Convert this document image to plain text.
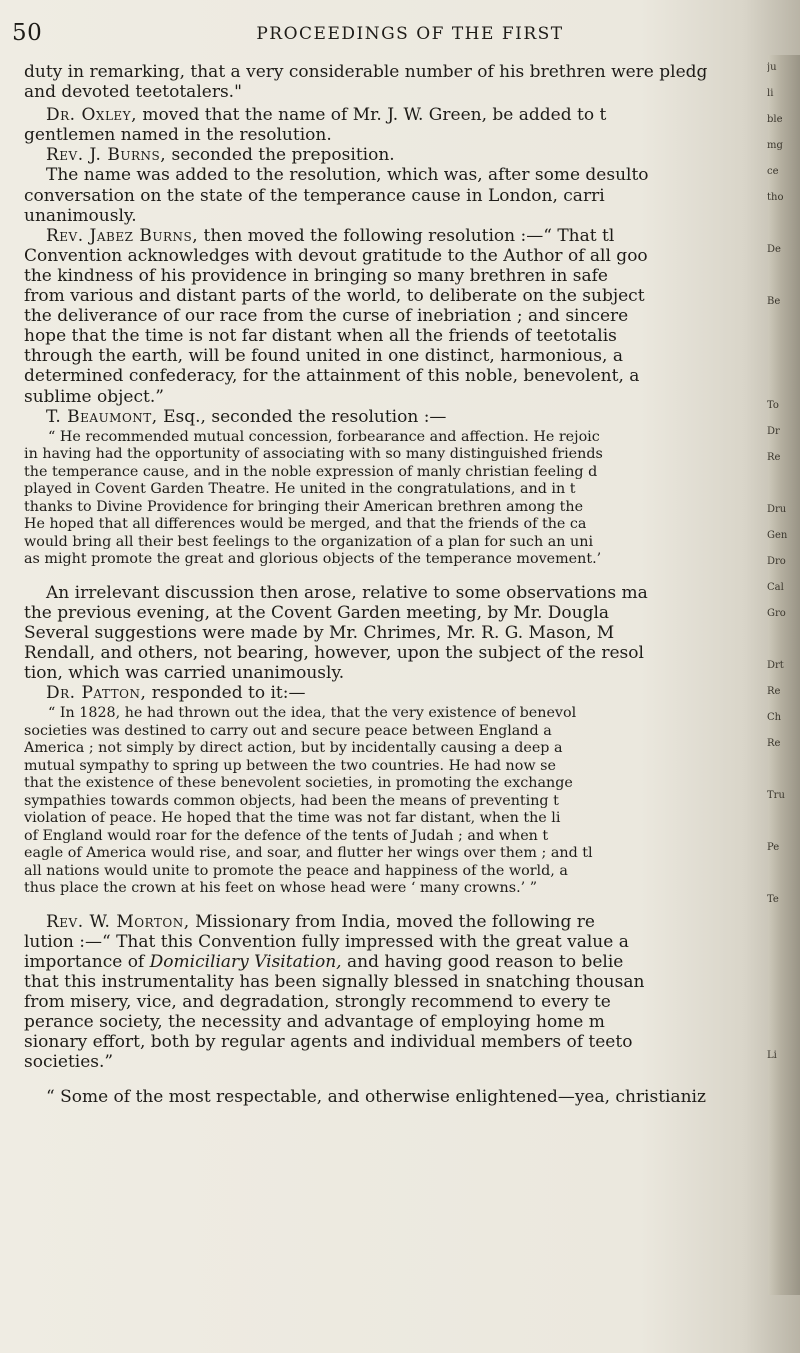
50	PROCEEDINGS OF THE FIRST
duty in remarking, that a very considerable number of his brethren were pledg
and devoted teetotalers."
Dr. Oxley, moved that the name of Mr. J. W. Green, be added to t
gentlemen named in the resolution.
Rev. J. Burns, seconded the preposition.
The name was added to the resolution, which was, after some desulto
conversation on the state of the temperance cause in London, carri
unanimously.
Rev. Jabez Burns, then moved the following resolution :—“ That tl
Convention acknowledges with devout gratitude to the Author of all goo
the kindness of his providence in bringing so many brethren in safe
from various and distant parts of the world, to deliberate on the subject
the deliverance of our race from the curse of inebriation ; and sincere
hope that the time is not far distant when all the friends of teetotalis
through the earth, will be found united in one distinct, harmonious, a
determined confederacy, for the attainment of this noble, benevolent, a
sublime object.”
T. Beaumont, Esq., seconded the resolution :—
“ He recommended mutual concession, forbearance and affection. He rejoic
in having had the opportunity of associating with so many distinguished friends
the temperance cause, and in the noble expression of manly christian feeling d
played in Covent Garden Theatre. He united in the congratulations, and in t
thanks to Divine Providence for bringing their American brethren among the
He hoped that all differences would be merged, and that the friends of the ca
would bring all their best feelings to the organization of a plan for such an uni
as might promote the great and glorious objects of the temperance movement.’
An irrelevant discussion then arose, relative to some observations ma
the previous evening, at the Covent Garden meeting, by Mr. Dougla
Several suggestions were made by Mr. Chrimes, Mr. R. G. Mason, M
Rendall, and others, not bearing, however, upon the subject of the resol
tion, which was carried unanimously.
Dr. Patton, responded to it:—
“ In 1828, he had thrown out the idea, that the very existence of benevol
societies was destined to carry out and secure peace between England a
America ; not simply by direct action, but by incidentally causing a deep a
mutual sympathy to spring up between the two countries. He had now se
that the existence of these benevolent societies, in promoting the exchange
sympathies towards common objects, had been the means of preventing t
violation of peace. He hoped that the time was not far distant, when the li
of England would roar for the defence of the tents of Judah ; and when t
eagle of America would rise, and soar, and flutter her wings over them ; and tl
all nations would unite to promote the peace and happiness of the world, a
thus place the crown at his feet on whose head were ‘ many crowns.’ ”
Rev. W. Morton, Missionary from India, moved the following re
lution :—“ That this Convention fully impressed with the great value a
importance of Domiciliary Visitation, and having good reason to belie
that this instrumentality has been signally blessed in snatching thousan
from misery, vice, and degradation, strongly recommend to every te
perance society, the necessity and advantage of employing home m
sionary effort, both by regular agents and individual members of teeto
societies.”
“ Some of the most respectable, and otherwise enlightened—yea, christianiz
ju
li
ble
mg
ce
tho
De
Be
To
Dr
Re
Dru
Gen
Dro
Cal
Gro
Drt
Re
Ch
Re
Tru
Pe
Te
Li
